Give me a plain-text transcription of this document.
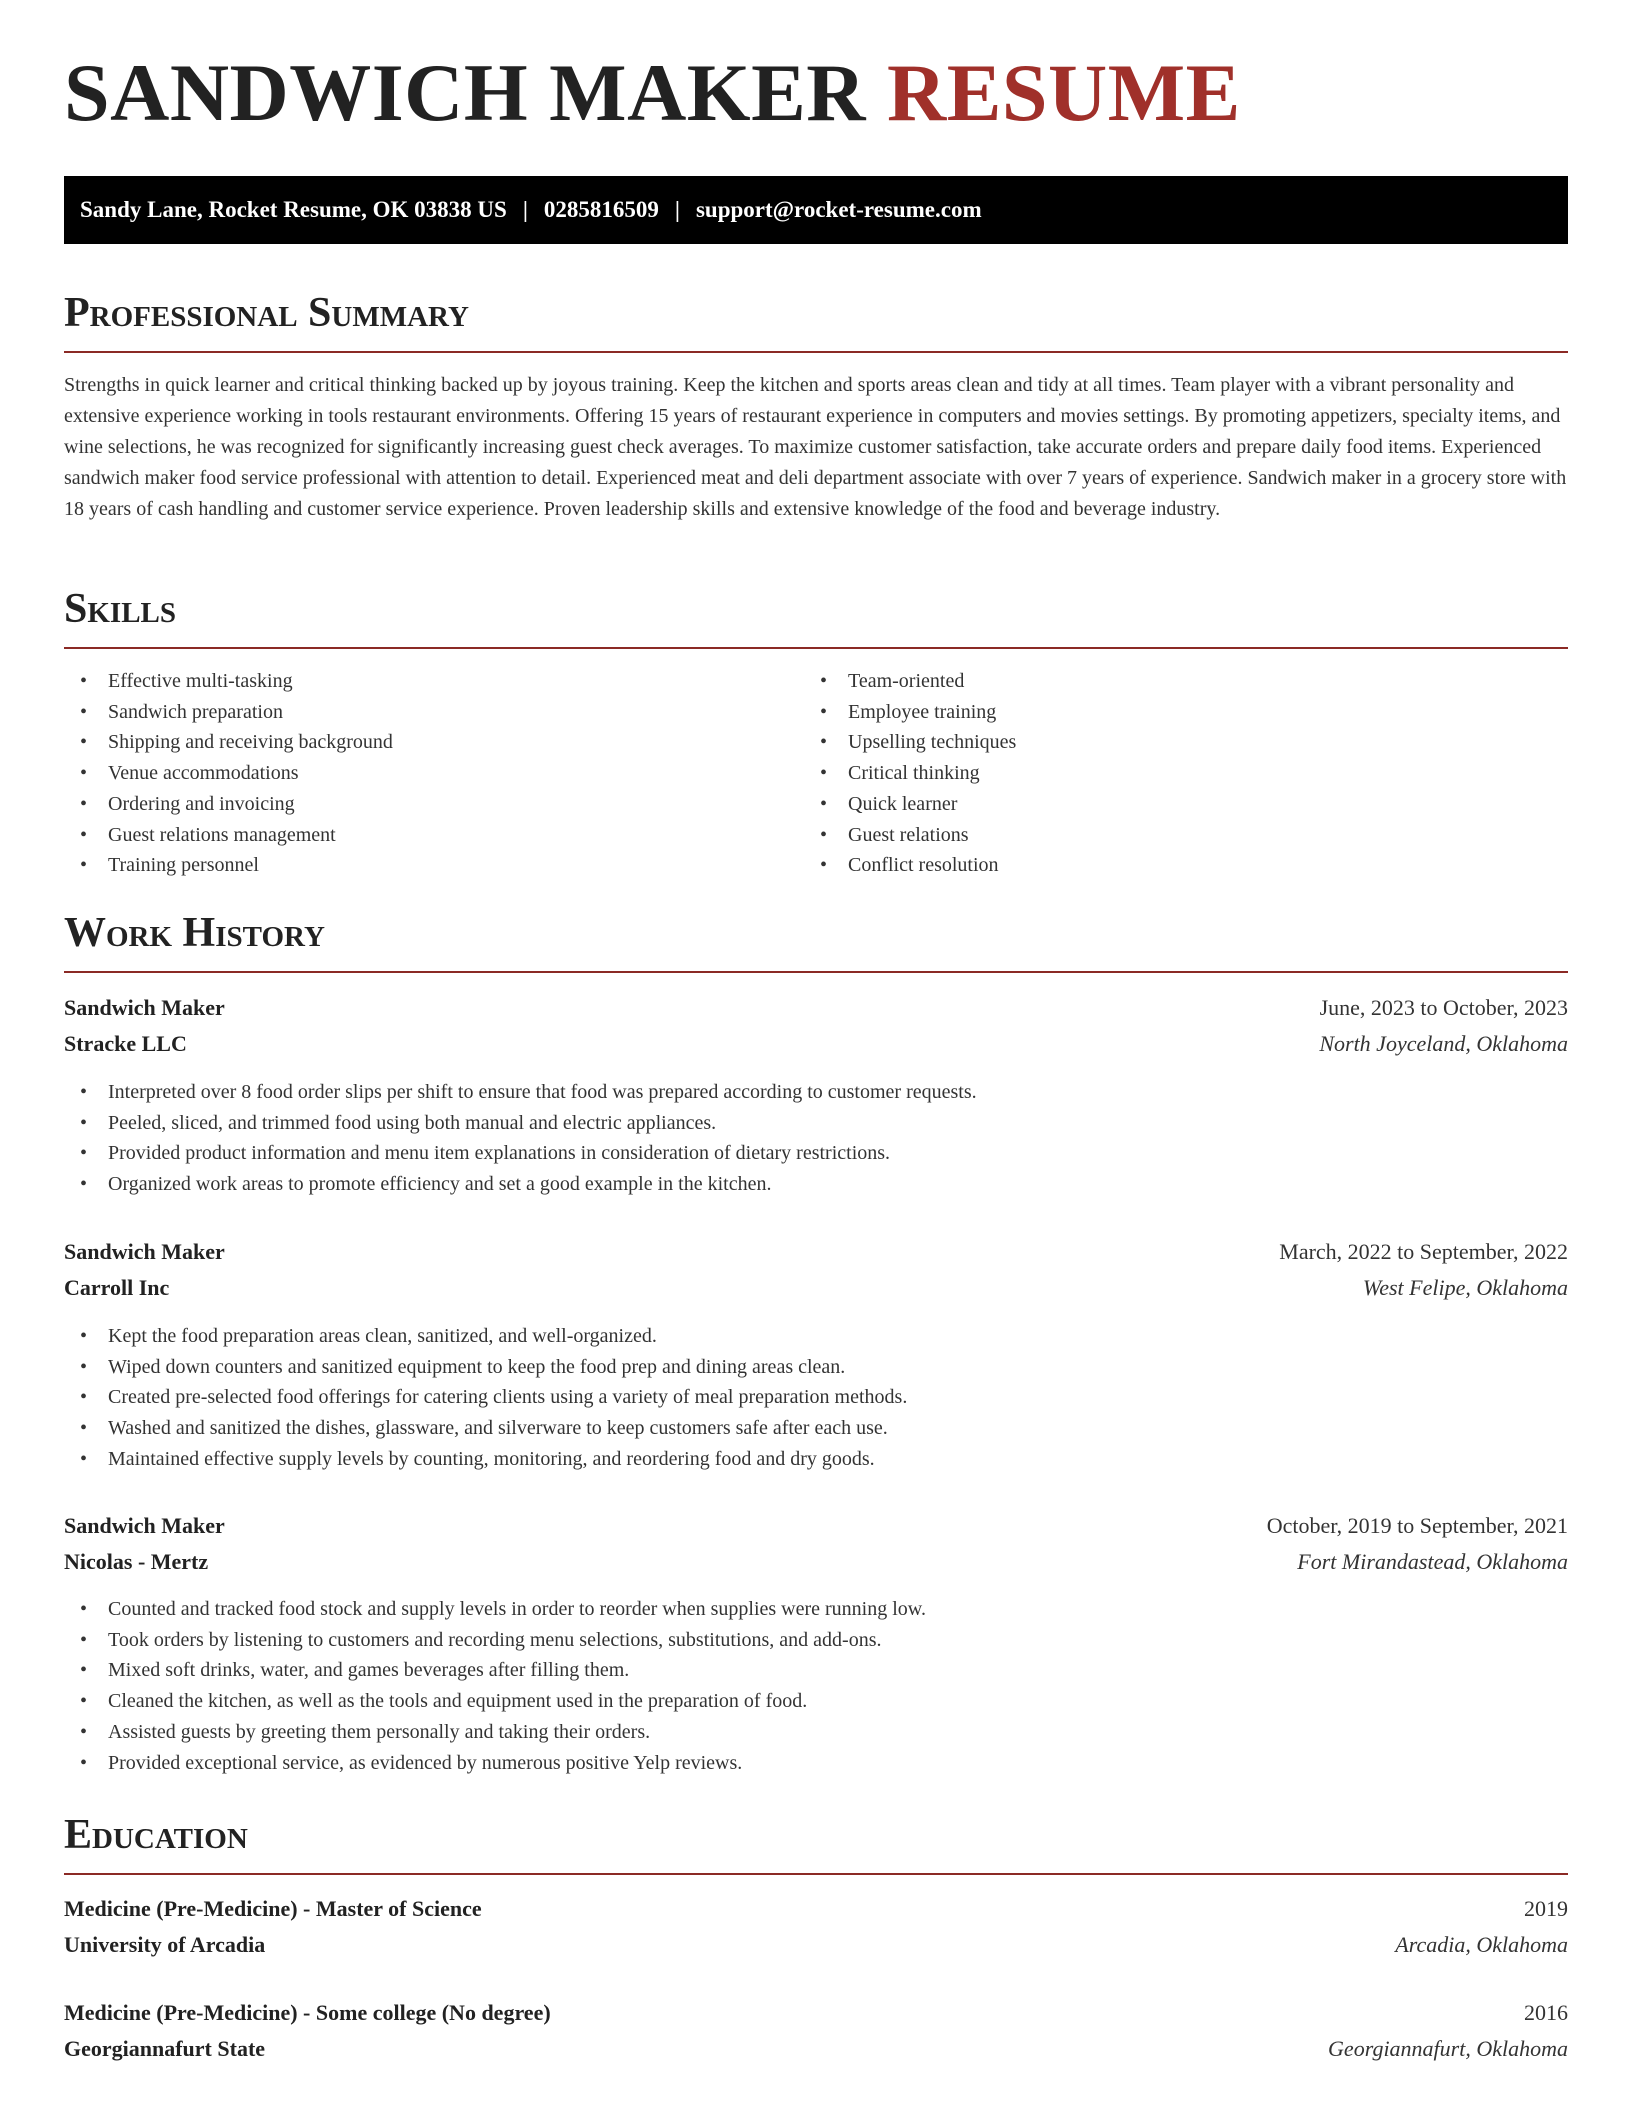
SANDWICH MAKER RESUME
Sandy Lane, Rocket Resume, OK 03838 US | 0285816509 | support@rocket-resume.com
Professional Summary
Strengths in quick learner and critical thinking backed up by joyous training. Keep the kitchen and sports areas clean and tidy at all times. Team player with a vibrant personality and extensive experience working in tools restaurant environments. Offering 15 years of restaurant experience in computers and movies settings. By promoting appetizers, specialty items, and wine selections, he was recognized for significantly increasing guest check averages. To maximize customer satisfaction, take accurate orders and prepare daily food items. Experienced sandwich maker food service professional with attention to detail. Experienced meat and deli department associate with over 7 years of experience. Sandwich maker in a grocery store with 18 years of cash handling and customer service experience. Proven leadership skills and extensive knowledge of the food and beverage industry.
Skills
• Effective multi-tasking
• Sandwich preparation
• Shipping and receiving background
• Venue accommodations
• Ordering and invoicing
• Guest relations management
• Training personnel
• Team-oriented
• Employee training
• Upselling techniques
• Critical thinking
• Quick learner
• Guest relations
• Conflict resolution
Work History
Sandwich Maker	June, 2023 to October, 2023
Stracke LLC	North Joyceland, Oklahoma
• Interpreted over 8 food order slips per shift to ensure that food was prepared according to customer requests.
• Peeled, sliced, and trimmed food using both manual and electric appliances.
• Provided product information and menu item explanations in consideration of dietary restrictions.
• Organized work areas to promote efficiency and set a good example in the kitchen.
Sandwich Maker	March, 2022 to September, 2022
Carroll Inc	West Felipe, Oklahoma
• Kept the food preparation areas clean, sanitized, and well-organized.
• Wiped down counters and sanitized equipment to keep the food prep and dining areas clean.
• Created pre-selected food offerings for catering clients using a variety of meal preparation methods.
• Washed and sanitized the dishes, glassware, and silverware to keep customers safe after each use.
• Maintained effective supply levels by counting, monitoring, and reordering food and dry goods.
Sandwich Maker	October, 2019 to September, 2021
Nicolas - Mertz	Fort Mirandastead, Oklahoma
• Counted and tracked food stock and supply levels in order to reorder when supplies were running low.
• Took orders by listening to customers and recording menu selections, substitutions, and add-ons.
• Mixed soft drinks, water, and games beverages after filling them.
• Cleaned the kitchen, as well as the tools and equipment used in the preparation of food.
• Assisted guests by greeting them personally and taking their orders.
• Provided exceptional service, as evidenced by numerous positive Yelp reviews.
Education
Medicine (Pre-Medicine) - Master of Science	2019
University of Arcadia	Arcadia, Oklahoma
Medicine (Pre-Medicine) - Some college (No degree)	2016
Georgiannafurt State	Georgiannafurt, Oklahoma
